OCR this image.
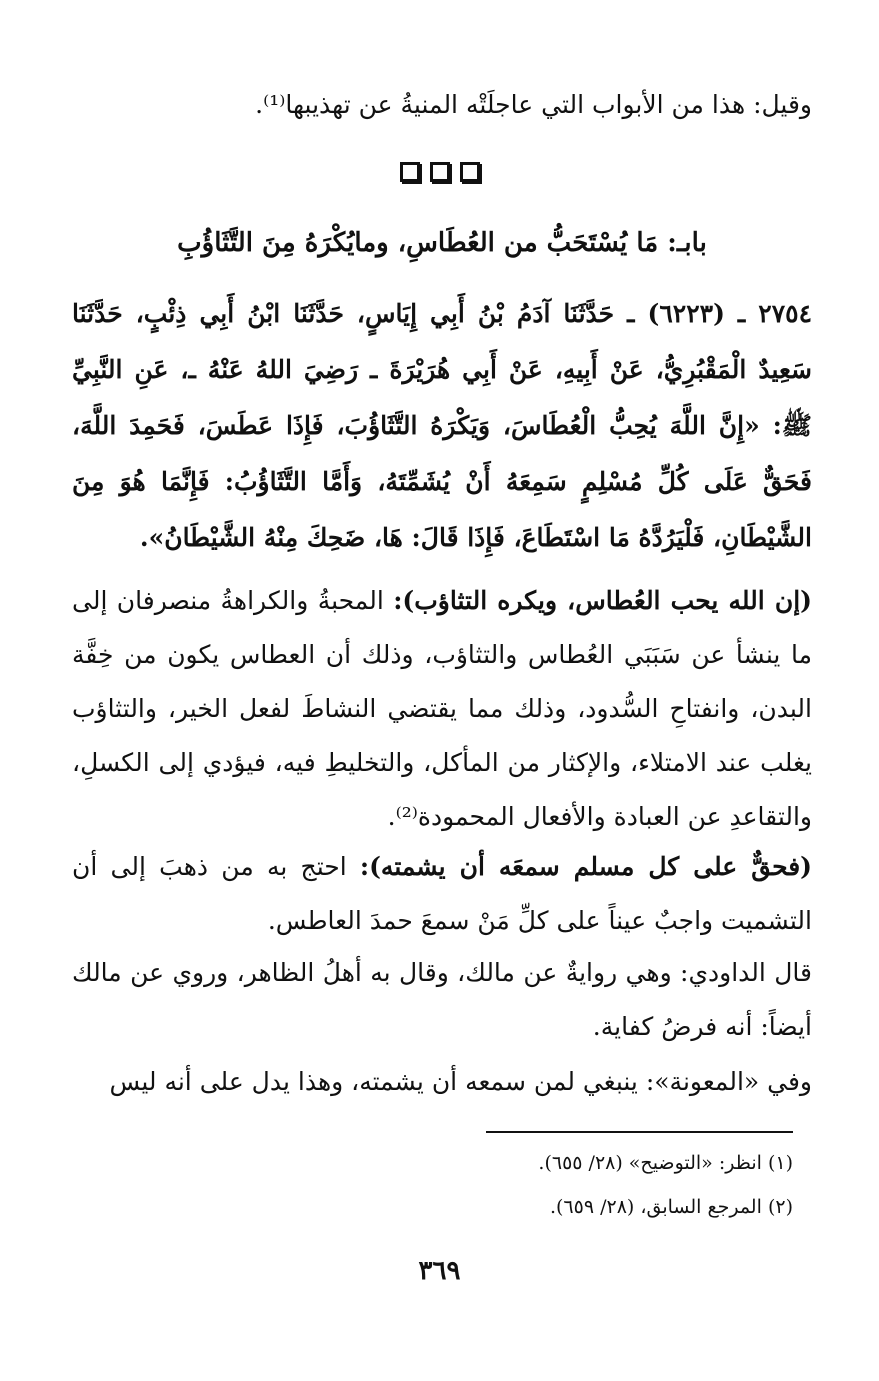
وقيل: هذا من الأبواب التي عاجلَتْه المنيةُ عن تهذيبها⁽¹⁾.
بابـ: مَا يُسْتَحَبُّ من العُطَاسِ، ومايُكْرَهُ مِنَ التَّثَاؤُبِ
٢٧٥٤ ـ (٦٢٢٣) ـ حَدَّثَنَا آدَمُ بْنُ أَبِي إِيَاسٍ، حَدَّثَنَا ابْنُ أَبِي ذِئْبٍ، حَدَّثَنَا سَعِيدٌ الْمَقْبُرِيُّ، عَنْ أَبِيهِ، عَنْ أَبِي هُرَيْرَةَ ـ رَضِيَ اللهُ عَنْهُ ـ، عَنِ النَّبِيِّ ﷺ: «إِنَّ اللَّهَ يُحِبُّ الْعُطَاسَ، وَيَكْرَهُ التَّثَاؤُبَ، فَإِذَا عَطَسَ، فَحَمِدَ اللَّهَ، فَحَقٌّ عَلَى كُلِّ مُسْلِمٍ سَمِعَهُ أَنْ يُشَمِّتَهُ، وَأَمَّا التَّثَاؤُبُ: فَإِنَّمَا هُوَ مِنَ الشَّيْطَانِ، فَلْيَرُدَّهُ مَا اسْتَطَاعَ، فَإِذَا قَالَ: هَا، ضَحِكَ مِنْهُ الشَّيْطَانُ».
(إن الله يحب العُطاس، ويكره التثاؤب): المحبةُ والكراهةُ منصرفان إلى ما ينشأ عن سَبَبَي العُطاس والتثاؤب، وذلك أن العطاس يكون من خِفَّة البدن، وانفتاحِ السُّدود، وذلك مما يقتضي النشاطَ لفعل الخير، والتثاؤب يغلب عند الامتلاء، والإكثار من المأكل، والتخليطِ فيه، فيؤدي إلى الكسلِ، والتقاعدِ عن العبادة والأفعال المحمودة⁽²⁾.
(فحقٌّ على كل مسلم سمعَه أن يشمته): احتج به من ذهبَ إلى أن التشميت واجبٌ عيناً على كلِّ مَنْ سمعَ حمدَ العاطس.
قال الداودي: وهي روايةٌ عن مالك، وقال به أهلُ الظاهر، وروي عن مالك أيضاً: أنه فرضُ كفاية.
وفي «المعونة»: ينبغي لمن سمعه أن يشمته، وهذا يدل على أنه ليس
(١) انظر: «التوضيح» (٢٨/ ٦٥٥).
(٢) المرجع السابق، (٢٨/ ٦٥٩).
٣٦٩
